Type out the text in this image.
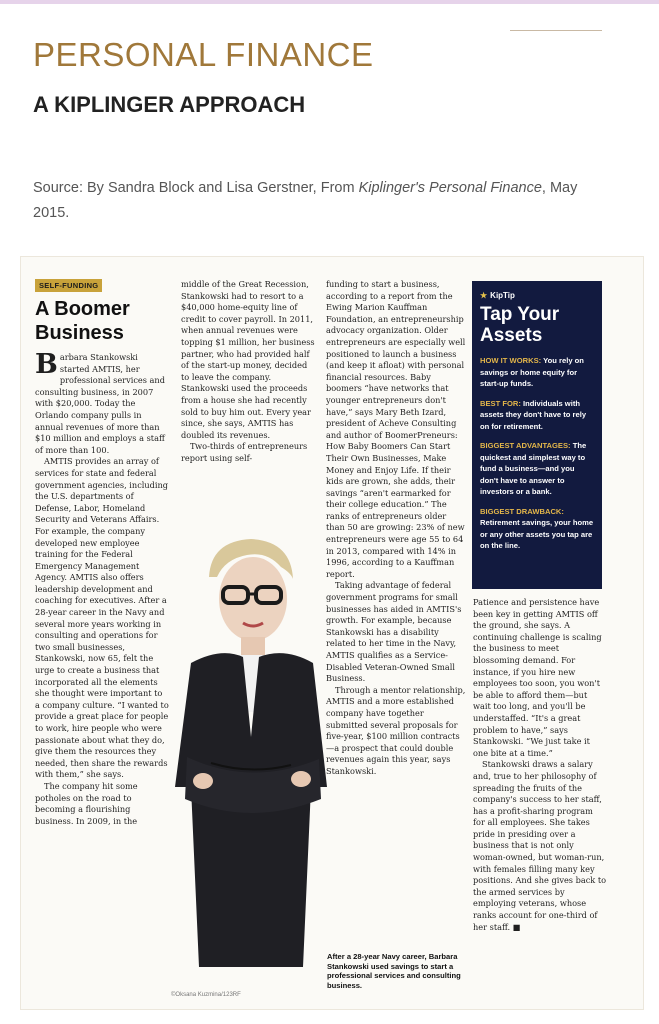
PERSONAL FINANCE
A KIPLINGER APPROACH
Source: By Sandra Block and Lisa Gerstner, From Kiplinger's Personal Finance, May 2015.
©Oksana Kuzmina/123RF
SELF-FUNDING
A Boomer Business

Barbara Stankowski started AMTIS, her professional services and consulting business, in 2007 with $20,000. Today the Orlando company pulls in annual revenues of more than $10 million and employs a staff of more than 100.

AMTIS provides an array of services for state and federal government agencies, including the U.S. departments of Defense, Labor, Homeland Security and Veterans Affairs. For example, the company developed new employee training for the Federal Emergency Management Agency. AMTIS also offers leadership development and coaching for executives. After a 28-year career in the Navy and several more years working in consulting and operations for two small businesses, Stankowski, now 65, felt the urge to create a business that incorporated all the elements she thought were important to a company culture. “I wanted to provide a great place for people to work, hire people who were passionate about what they do, give them the resources they needed, then share the rewards with them,” she says.

The company hit some potholes on the road to becoming a flourishing business. In 2009, in the

middle of the Great Recession, Stankowski had to resort to a $40,000 home-equity line of credit to cover payroll. In 2011, when annual revenues were topping $1 million, her business partner, who had provided half of the start-up money, decided to leave the company. Stankowski used the proceeds from a house she had recently sold to buy him out. Every year since, she says, AMTIS has doubled its revenues.

Two-thirds of entrepreneurs report using self-

funding to start a business, according to a report from the Ewing Marion Kauffman Foundation, an entrepreneurship advocacy organization. Older entrepreneurs are especially well positioned to launch a business (and keep it afloat) with personal financial resources. Baby boomers “have networks that younger entrepreneurs don't have,” says Mary Beth Izard, president of Acheve Consulting and author of BoomerPreneurs: How Baby Boomers Can Start Their Own Businesses, Make Money and Enjoy Life. If their kids are grown, she adds, their savings “aren't earmarked for their college education.” The ranks of entrepreneurs older than 50 are growing: 23% of new entrepreneurs were age 55 to 64 in 2013, compared with 14% in 1996, according to a Kauffman report.

Taking advantage of federal government programs for small businesses has aided in AMTIS's growth. For example, because Stankowski has a disability related to her time in the Navy, AMTIS qualifies as a Service-Disabled Veteran-Owned Small Business.

Through a mentor relationship, AMTIS and a more established company have together submitted several proposals for five-year, $100 million contracts—a prospect that could double revenues again this year, says Stankowski.

After a 28-year Navy career, Barbara Stankowski used savings to start a professional services and consulting business.
★ KipTip
Tap Your Assets
HOW IT WORKS: You rely on savings or home equity for start-up funds.
BEST FOR: Individuals with assets they don't have to rely on for retirement.
BIGGEST ADVANTAGES: The quickest and simplest way to fund a business—and you don't have to answer to investors or a bank.
BIGGEST DRAWBACK: Retirement savings, your home or any other assets you tap are on the line.

Patience and persistence have been key in getting AMTIS off the ground, she says. A continuing challenge is scaling the business to meet blossoming demand. For instance, if you hire new employees too soon, you won't be able to afford them—but wait too long, and you'll be understaffed. “It's a great problem to have,” says Stankowski. “We just take it one bite at a time.”

Stankowski draws a salary and, true to her philosophy of spreading the fruits of the company's success to her staff, has a profit-sharing program for all employees. She takes pride in presiding over a business that is not only woman-owned, but woman-run, with females filling many key positions. And she gives back to the armed services by employing veterans, whose ranks account for one-third of her staff. ■
